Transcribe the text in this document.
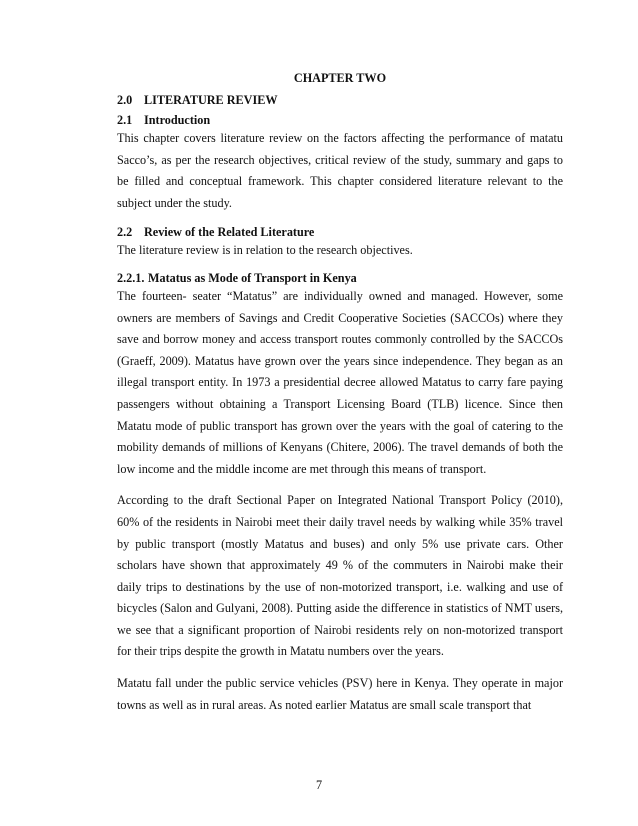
CHAPTER TWO
2.0 LITERATURE REVIEW
2.1 Introduction

This chapter covers literature review on the factors affecting the performance of matatu Sacco’s, as per the research objectives, critical review of the study, summary and gaps to be filled and conceptual framework. This chapter considered literature relevant to the subject under the study.

2.2 Review of the Related Literature

The literature review is in relation to the research objectives.

2.2.1. Matatus as Mode of Transport in Kenya

The fourteen- seater “Matatus” are individually owned and managed. However, some owners are members of Savings and Credit Cooperative Societies (SACCOs) where they save and borrow money and access transport routes commonly controlled by the SACCOs (Graeff, 2009). Matatus have grown over the years since independence. They began as an illegal transport entity. In 1973 a presidential decree allowed Matatus to carry fare paying passengers without obtaining a Transport Licensing Board (TLB) licence. Since then Matatu mode of public transport has grown over the years with the goal of catering to the mobility demands of millions of Kenyans (Chitere, 2006). The travel demands of both the low income and the middle income are met through this means of transport.

According to the draft Sectional Paper on Integrated National Transport Policy (2010), 60% of the residents in Nairobi meet their daily travel needs by walking while 35% travel by public transport (mostly Matatus and buses) and only 5% use private cars. Other scholars have shown that approximately 49 % of the commuters in Nairobi make their daily trips to destinations by the use of non-motorized transport, i.e. walking and use of bicycles (Salon and Gulyani, 2008). Putting aside the difference in statistics of NMT users, we see that a significant proportion of Nairobi residents rely on non-motorized transport for their trips despite the growth in Matatu numbers over the years.

Matatu fall under the public service vehicles (PSV) here in Kenya. They operate in major towns as well as in rural areas. As noted earlier Matatus are small scale transport that

7
